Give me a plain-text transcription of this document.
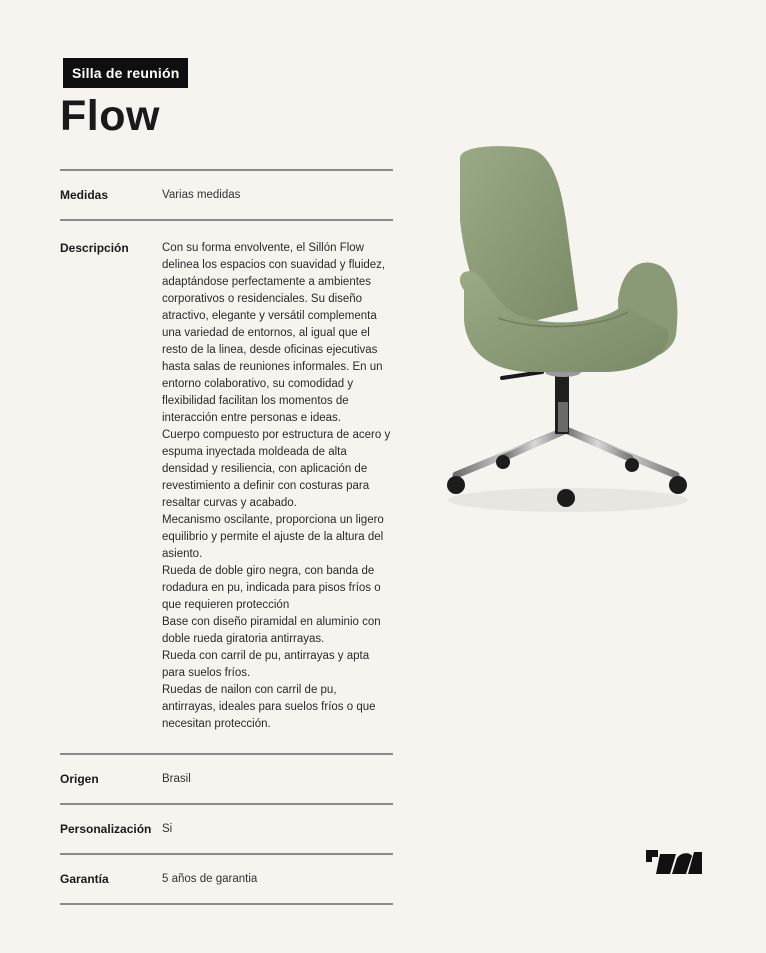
Silla de reunión
Flow
Medidas	Varias medidas
Descripción	Con su forma envolvente, el Sillón Flow delinea los espacios con suavidad y fluidez, adaptándose perfectamente a ambientes corporativos o residenciales. Su diseño atractivo, elegante y versátil complementa una variedad de entornos, al igual que el resto de la linea, desde oficinas ejecutivas hasta salas de reuniones informales. En un entorno colaborativo, su comodidad y flexibilidad facilitan los momentos de interacción entre personas e ideas.

Cuerpo compuesto por estructura de acero y espuma inyectada moldeada de alta densidad y resiliencia, con aplicación de revestimiento a definir con costuras para resaltar curvas y acabado.

Mecanismo oscilante, proporciona un ligero equilibrio y permite el ajuste de la altura del asiento.

Rueda de doble giro negra, con banda de rodadura en pu, indicada para pisos fríos o que requieren protección

Base con diseño piramidal en aluminio con doble rueda giratoria antirrayas.

Rueda con carril de pu, antirrayas y apta para suelos fríos.

Ruedas de nailon con carril de pu, antirrayas, ideales para suelos fríos o que necesitan protección.

Origen	Brasil
Personalización Si
Garantía	5 años de garantia
